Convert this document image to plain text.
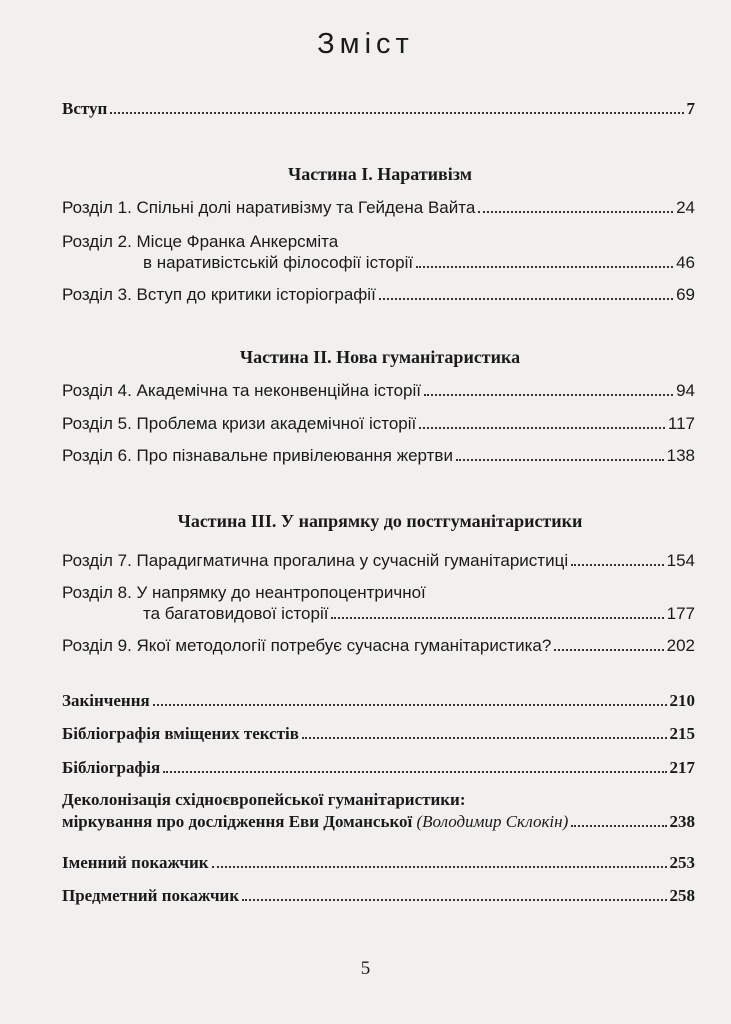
Зміст
Вступ	7
Частина I. Наративізм
Розділ 1. Спільні долі наративізму та Гейдена Вайта	24
Розділ 2. Місце Франка Анкерсміта
в наративістській філософії історії	46
Розділ 3. Вступ до критики історіографії	69
Частина II. Нова гуманітаристика
Розділ 4. Академічна та неконвенційна історії	94
Розділ 5. Проблема кризи академічної історії	117
Розділ 6. Про пізнавальне привілеювання жертви	138
Частина III. У напрямку до постгуманітаристики
Розділ 7. Парадигматична прогалина у сучасній гуманітаристиці	154
Розділ 8. У напрямку до неантропоцентричної
та багатовидової історії	177
Розділ 9. Якої методології потребує сучасна гуманітаристика?	202
Закінчення	210
Бібліографія вміщених текстів	215
Бібліографія	217
Деколонізація східноєвропейської гуманітаристики:
міркування про дослідження Еви Доманської (Володимир Склокін)	238
Іменний покажчик	253
Предметний покажчик	258
5
